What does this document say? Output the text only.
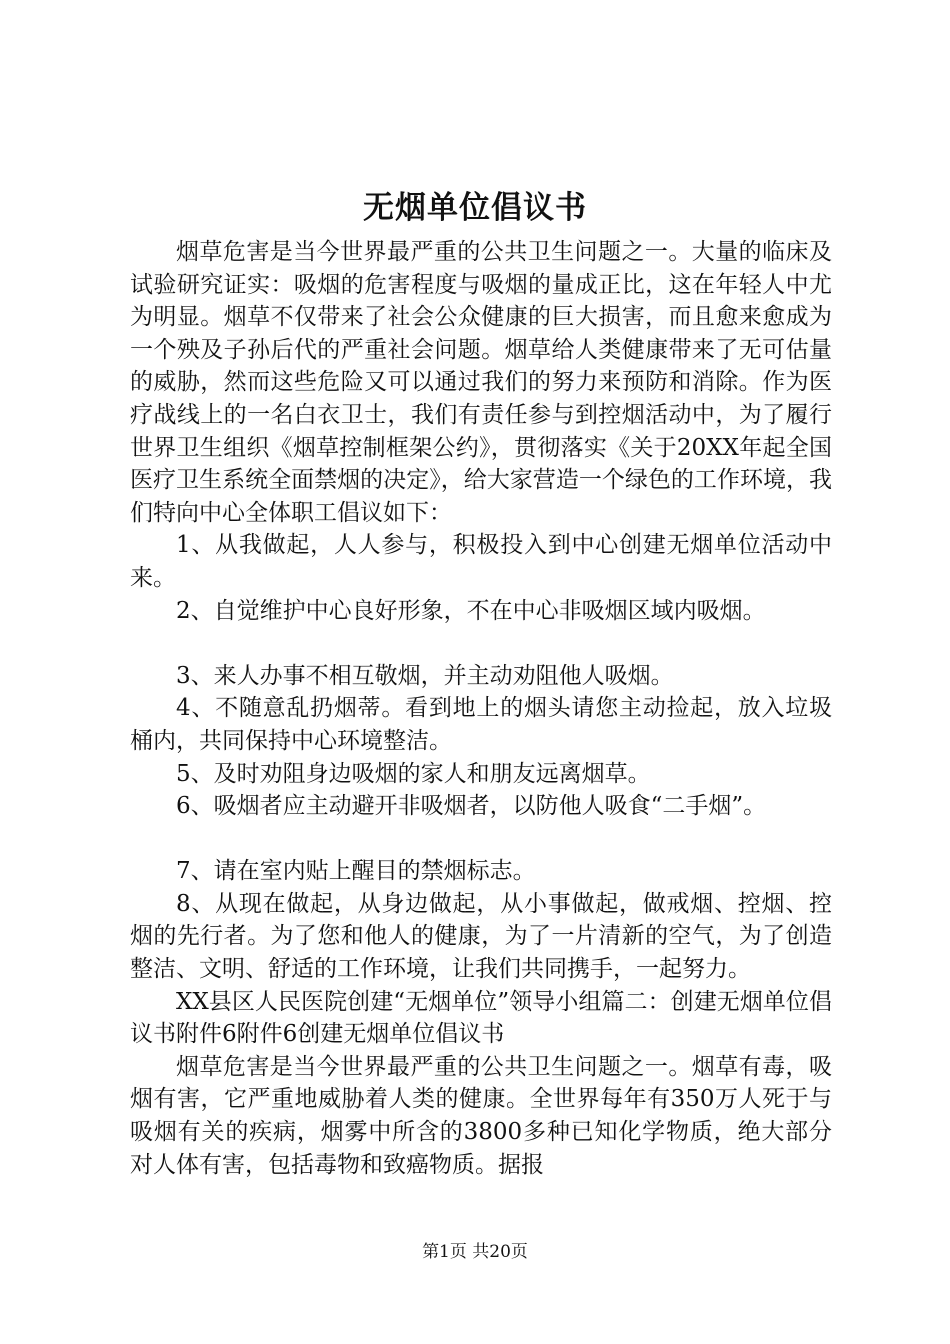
无烟单位倡议书

烟草危害是当今世界最严重的公共卫生问题之一。大量的临床及试验研究证实：吸烟的危害程度与吸烟的量成正比，这在年轻人中尤为明显。烟草不仅带来了社会公众健康的巨大损害，而且愈来愈成为一个殃及子孙后代的严重社会问题。烟草给人类健康带来了无可估量的威胁，然而这些危险又可以通过我们的努力来预防和消除。作为医疗战线上的一名白衣卫士，我们有责任参与到控烟活动中，为了履行世界卫生组织《烟草控制框架公约》，贯彻落实《关于20XX年起全国医疗卫生系统全面禁烟的决定》，给大家营造一个绿色的工作环境，我们特向中心全体职工倡议如下：

1、从我做起，人人参与，积极投入到中心创建无烟单位活动中来。

2、自觉维护中心良好形象，不在中心非吸烟区域内吸烟。

3、来人办事不相互敬烟，并主动劝阻他人吸烟。

4、不随意乱扔烟蒂。看到地上的烟头请您主动捡起，放入垃圾桶内，共同保持中心环境整洁。

5、及时劝阻身边吸烟的家人和朋友远离烟草。

6、吸烟者应主动避开非吸烟者，以防他人吸食“二手烟”。

7、请在室内贴上醒目的禁烟标志。

8、从现在做起，从身边做起，从小事做起，做戒烟、控烟、控烟的先行者。为了您和他人的健康，为了一片清新的空气，为了创造整洁、文明、舒适的工作环境，让我们共同携手，一起努力。

XX县区人民医院创建“无烟单位”领导小组篇二：创建无烟单位倡议书附件6附件6创建无烟单位倡议书

烟草危害是当今世界最严重的公共卫生问题之一。烟草有毒，吸烟有害，它严重地威胁着人类的健康。全世界每年有350万人死于与吸烟有关的疾病，烟雾中所含的3800多种已知化学物质，绝大部分对人体有害，包括毒物和致癌物质。据报

第1页 共20页
